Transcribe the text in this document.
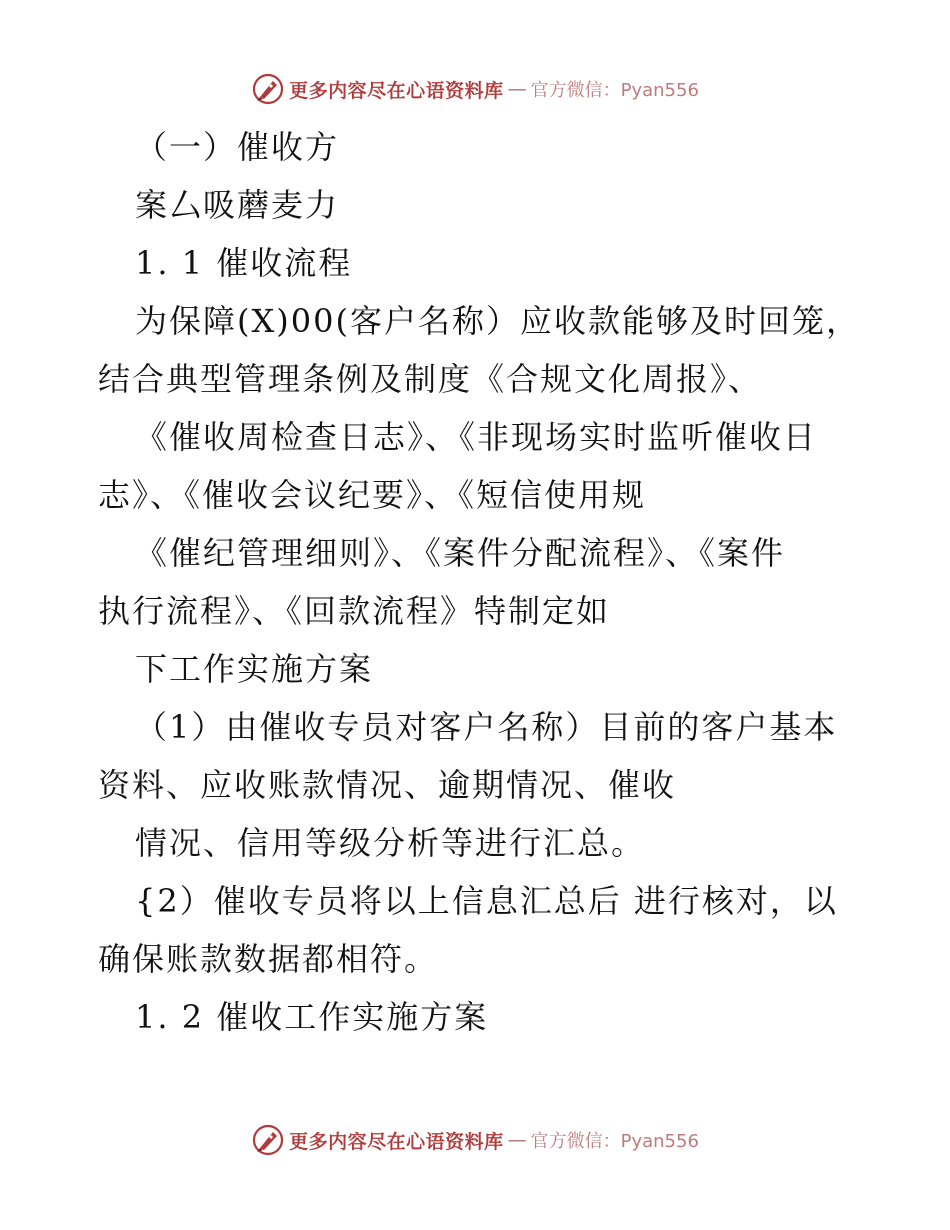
更多内容尽在心语资料库 — 官方微信：Pyan556
（一）催收方
案厶吸蘑麦力
1. 1 催收流程
为保障(X)00(客户名称）应收款能够及时回笼，
结合典型管理条例及制度《合规文化周报》、
《催收周检查日志》、《非现场实时监听催收日
志》、《催收会议纪要》、《短信使用规
《催纪管理细则》、《案件分配流程》、《案件
执行流程》、《回款流程》特制定如
下工作实施方案
（1）由催收专员对客户名称）目前的客户基本
资料、应收账款情况、逾期情况、催收
情况、信用等级分析等进行汇总。
{2）催收专员将以上信息汇总后 进行核对，以
确保账款数据都相符。
1. 2 催收工作实施方案
更多内容尽在心语资料库 — 官方微信：Pyan556
